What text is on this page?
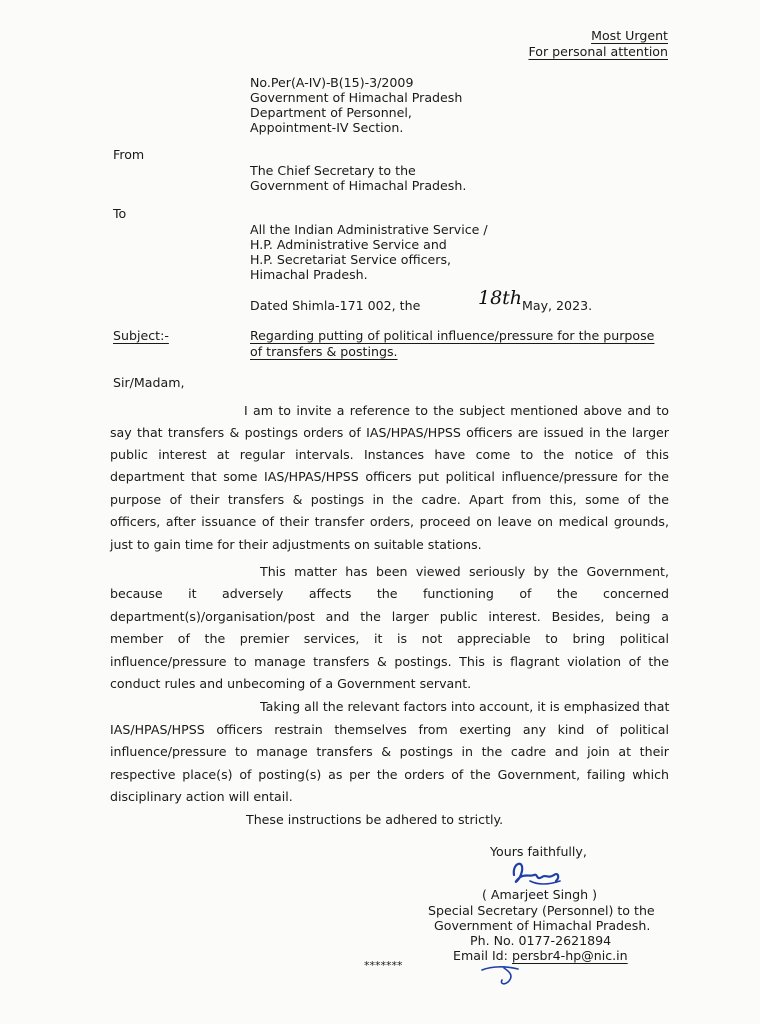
Most Urgent
For personal attention
No.Per(A-IV)-B(15)-3/2009
Government of Himachal Pradesh
Department of Personnel,
Appointment-IV Section.
From
The Chief Secretary to the
Government of Himachal Pradesh.
To
All the Indian Administrative Service /
H.P. Administrative Service and
H.P. Secretariat Service officers,
Himachal Pradesh.
Dated Shimla-171 002, the	18th May, 2023.
Subject:-	Regarding putting of political influence/pressure for the purpose
of transfers & postings.
Sir/Madam,
I am to invite a reference to the subject mentioned above and to
say that transfers & postings orders of IAS/HPAS/HPSS officers are issued in the larger
public interest at regular intervals. Instances have come to the notice of this
department that some IAS/HPAS/HPSS officers put political influence/pressure for the
purpose of their transfers & postings in the cadre. Apart from this, some of the
officers, after issuance of their transfer orders, proceed on leave on medical grounds,
just to gain time for their adjustments on suitable stations.
This matter has been viewed seriously by the Government,
because it adversely affects the functioning of the concerned
department(s)/organisation/post and the larger public interest. Besides, being a
member of the premier services, it is not appreciable to bring political
influence/pressure to manage transfers & postings. This is flagrant violation of the
conduct rules and unbecoming of a Government servant.
Taking all the relevant factors into account, it is emphasized that
IAS/HPAS/HPSS officers restrain themselves from exerting any kind of political
influence/pressure to manage transfers & postings in the cadre and join at their
respective place(s) of posting(s) as per the orders of the Government, failing which
disciplinary action will entail.
These instructions be adhered to strictly.
Yours faithfully,
( Amarjeet Singh )
Special Secretary (Personnel) to the
Government of Himachal Pradesh.
Ph. No. 0177-2621894
Email Id: persbr4-hp@nic.in
*******
